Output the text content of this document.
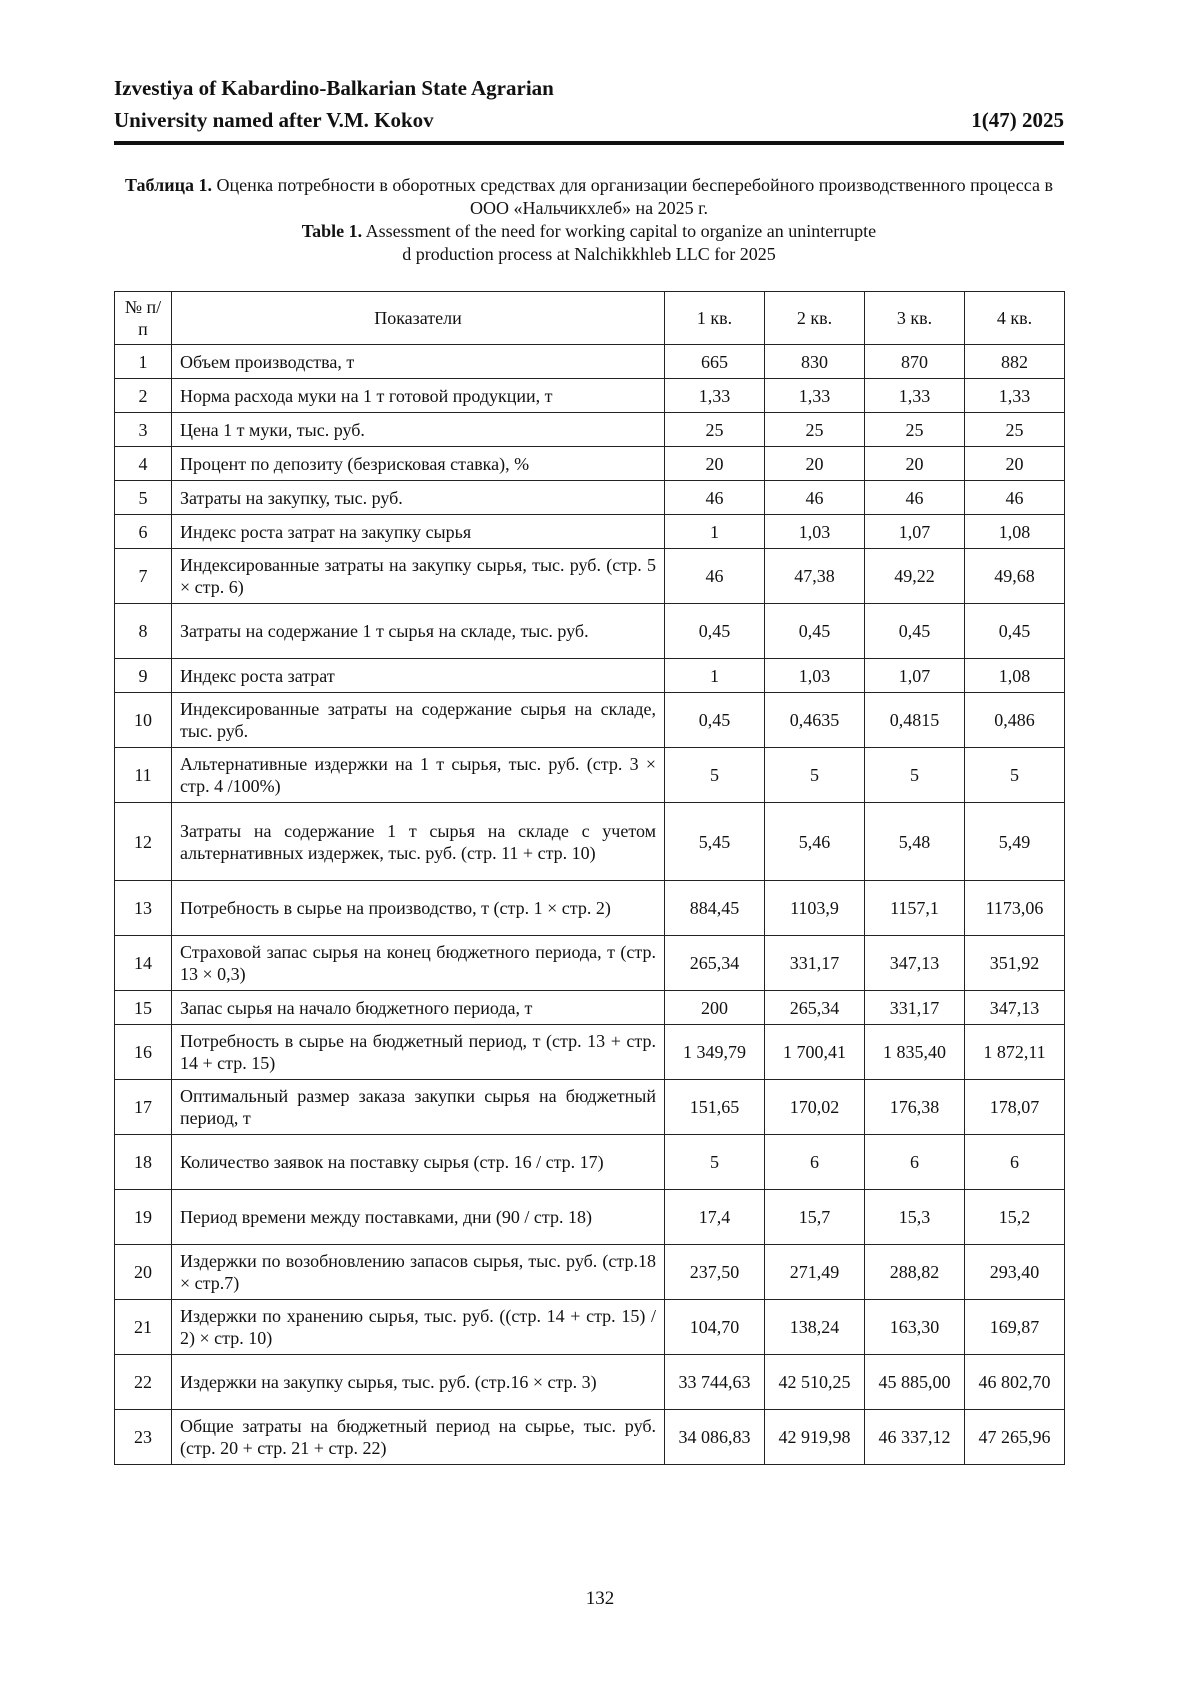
Izvestiya of Kabardino-Balkarian State Agrarian
University named after V.M. Kokov	1(47) 2025
Таблица 1. Оценка потребности в оборотных средствах для организации бесперебойного производственного процесса в ООО «Нальчикхлеб» на 2025 г.
Table 1. Assessment of the need for working capital to organize an uninterrupte
d production process at Nalchikkhleb LLC for 2025
№ п/п	Показатели	1 кв.	2 кв.	3 кв.	4 кв.
1	Объем производства, т	665	830	870	882
2	Норма расхода муки на 1 т готовой продукции, т	1,33	1,33	1,33	1,33
3	Цена 1 т муки, тыс. руб.	25	25	25	25
4	Процент по депозиту (безрисковая ставка), %	20	20	20	20
5	Затраты на закупку, тыс. руб.	46	46	46	46
6	Индекс роста затрат на закупку сырья	1	1,03	1,07	1,08
7	Индексированные затраты на закупку сырья, тыс. руб. (стр. 5 × стр. 6)	46	47,38	49,22	49,68
8	Затраты на содержание 1 т сырья на складе, тыс. руб.	0,45	0,45	0,45	0,45
9	Индекс роста затрат	1	1,03	1,07	1,08
10	Индексированные затраты на содержание сырья на складе, тыс. руб.	0,45	0,4635	0,4815	0,486
11	Альтернативные издержки на 1 т сырья, тыс. руб. (стр. 3 × стр. 4 /100%)	5	5	5	5
12	Затраты на содержание 1 т сырья на складе с учетом альтернативных издержек, тыс. руб. (стр. 11 + стр. 10)	5,45	5,46	5,48	5,49
13	Потребность в сырье на производство, т (стр. 1 × стр. 2)	884,45	1103,9	1157,1	1173,06
14	Страховой запас сырья на конец бюджетного периода, т (стр. 13 × 0,3)	265,34	331,17	347,13	351,92
15	Запас сырья на начало бюджетного периода, т	200	265,34	331,17	347,13
16	Потребность в сырье на бюджетный период, т (стр. 13 + стр. 14 + стр. 15)	1 349,79	1 700,41	1 835,40	1 872,11
17	Оптимальный размер заказа закупки сырья на бюджетный период, т	151,65	170,02	176,38	178,07
18	Количество заявок на поставку сырья (стр. 16 / стр. 17)	5	6	6	6
19	Период времени между поставками, дни (90 / стр. 18)	17,4	15,7	15,3	15,2
20	Издержки по возобновлению запасов сырья, тыс. руб. (стр.18 × стр.7)	237,50	271,49	288,82	293,40
21	Издержки по хранению сырья, тыс. руб. ((стр. 14 + стр. 15) / 2) × стр. 10)	104,70	138,24	163,30	169,87
22	Издержки на закупку сырья, тыс. руб. (стр.16 × стр. 3)	33 744,63	42 510,25	45 885,00	46 802,70
23	Общие затраты на бюджетный период на сырье, тыс. руб. (стр. 20 + стр. 21 + стр. 22)	34 086,83	42 919,98	46 337,12	47 265,96
132
